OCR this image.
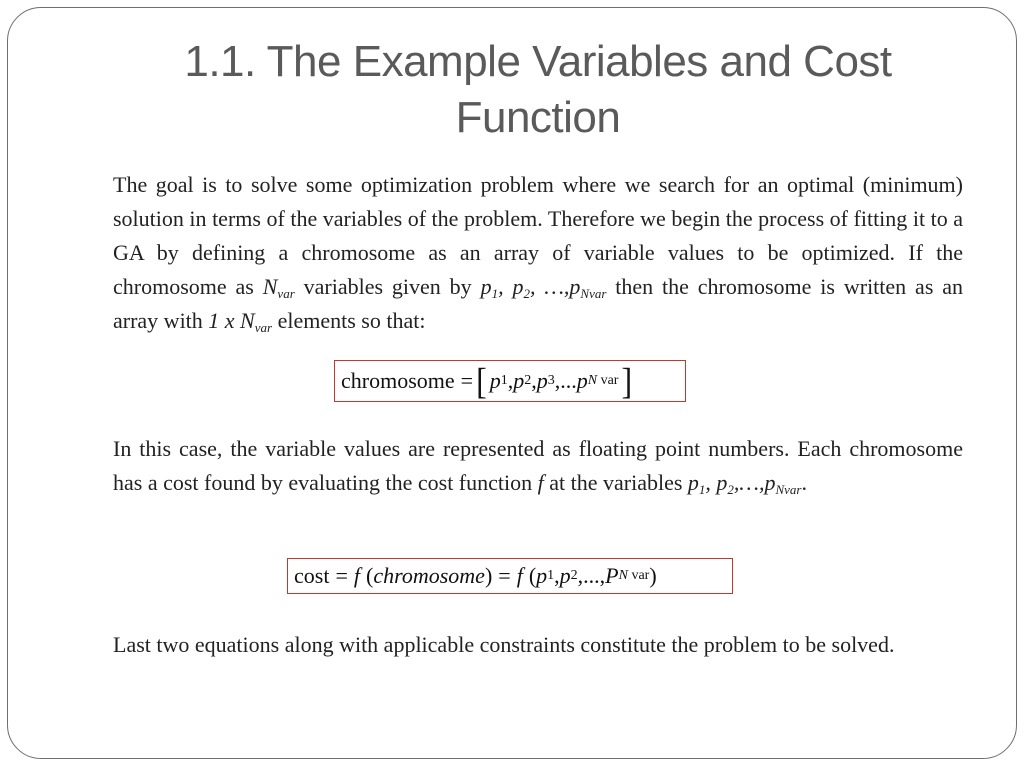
1.1. The Example Variables and Cost Function
The goal is to solve some optimization problem where we search for an optimal (minimum) solution in terms of the variables of the problem. Therefore we begin the process of fitting it to a GA by defining a chromosome as an array of variable values to be optimized. If the chromosome as $N_{var}$ variables given by $p_1$, $p_2$, $\dots,p_{Nvar}$ then the chromosome is written as an array with 1 x $N_{var}$ elements so that:
chromosome = [ p 1 , p 2 , p 3 ,... p N var ]
In this case, the variable values are represented as floating point numbers. Each chromosome has a cost found by evaluating the cost function f at the variables $p_1$, $p_2,\dots,p_{Nvar}$.
cost = f ( chromosome ) = f ( p 1 , p 2 ,..., P N var )
Last two equations along with applicable constraints constitute the problem to be solved.
